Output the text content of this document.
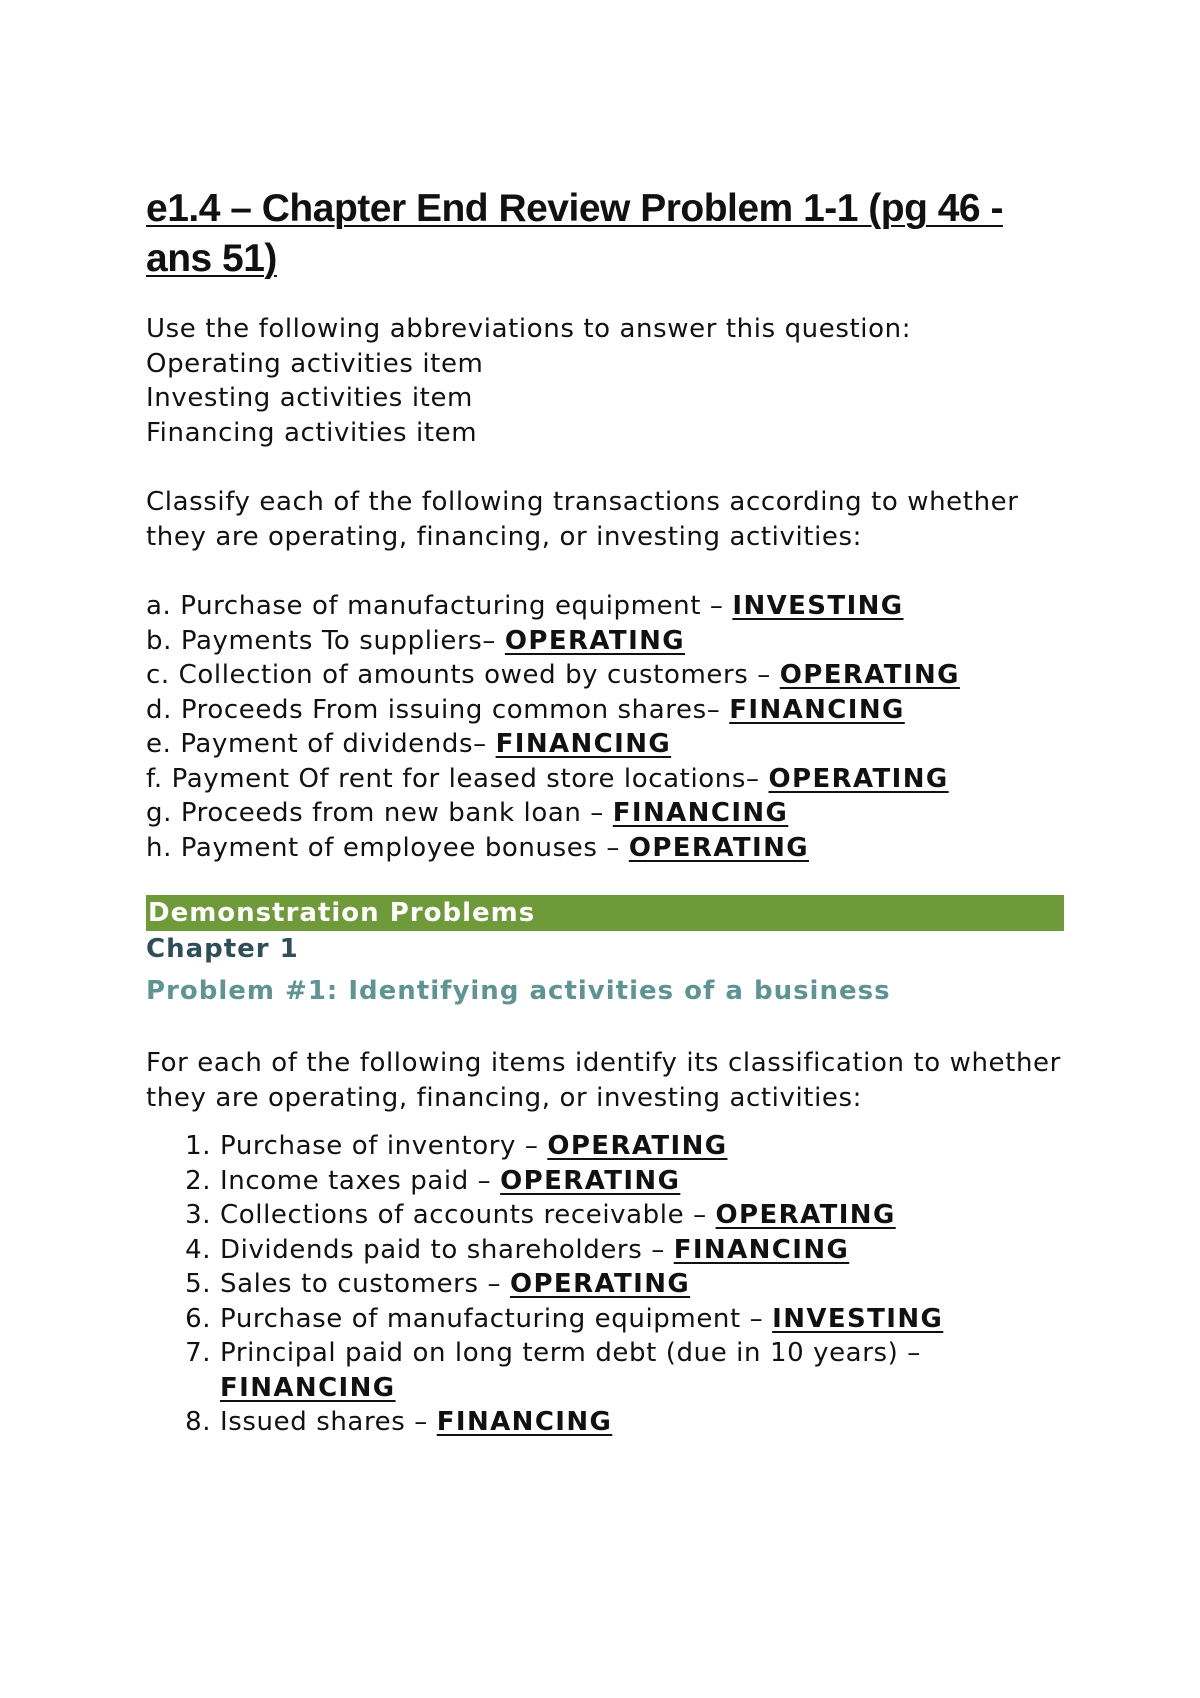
e1.4 – Chapter End Review Problem 1-1 (pg 46 - ans 51)
Use the following abbreviations to answer this question:
Operating activities item
Investing activities item
Financing activities item

Classify each of the following transactions according to whether they are operating, financing, or investing activities:

a. Purchase of manufacturing equipment – INVESTING
b. Payments To suppliers– OPERATING
c. Collection of amounts owed by customers – OPERATING
d. Proceeds From issuing common shares– FINANCING
e. Payment of dividends– FINANCING
f. Payment Of rent for leased store locations– OPERATING
g. Proceeds from new bank loan – FINANCING
h. Payment of employee bonuses – OPERATING
Demonstration Problems
Chapter 1
Problem #1: Identifying activities of a business

For each of the following items identify its classification to whether they are operating, financing, or investing activities:

1. Purchase of inventory – OPERATING
2. Income taxes paid – OPERATING
3. Collections of accounts receivable – OPERATING
4. Dividends paid to shareholders – FINANCING
5. Sales to customers – OPERATING
6. Purchase of manufacturing equipment – INVESTING
7. Principal paid on long term debt (due in 10 years) – FINANCING
8. Issued shares – FINANCING
